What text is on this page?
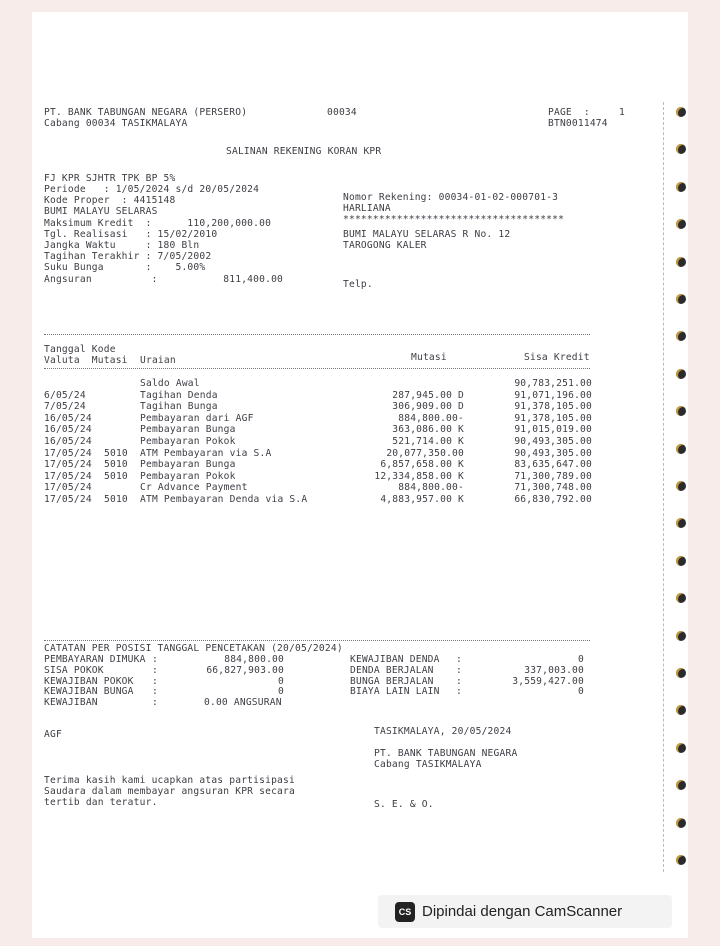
PT. BANK TABUNGAN NEGARA (PERSERO)
Cabang 00034 TASIKMALAYA
00034	PAGE  :	1
BTN0011474
SALINAN REKENING KORAN KPR
FJ KPR SJHTR TPK BP 5%
Periode   : 1/05/2024 s/d 20/05/2024
Kode Proper  : 4415148
BUMI MALAYU SELARAS
Maksimum Kredit  :      110,200,000.00
Tgl. Realisasi   : 15/02/2010
Jangka Waktu     : 180 Bln
Tagihan Terakhir : 7/05/2002
Suku Bunga       :    5.00%
Angsuran          :           811,400.00
Nomor Rekening: 00034-01-02-000701-3
HARLIANA
*************************************
BUMI MALAYU SELARAS R No. 12
TAROGONG KALER
Telp.
Tanggal Kode
Valuta  Mutasi Uraian	Mutasi	Sisa Kredit
Saldo Awal	90,783,251.00
6/05/24	Tagihan Denda	287,945.00 D	91,071,196.00
7/05/24	Tagihan Bunga	306,909.00 D	91,378,105.00
16/05/24	Pembayaran dari AGF	884,800.00-	91,378,105.00
16/05/24	Pembayaran Bunga	363,086.00 K	91,015,019.00
16/05/24	Pembayaran Pokok	521,714.00 K	90,493,305.00
17/05/24 5010 ATM Pembayaran via S.A	20,077,350.00	90,493,305.00
17/05/24 5010 Pembayaran Bunga	6,857,658.00 K	83,635,647.00
17/05/24 5010 Pembayaran Pokok	12,334,858.00 K	71,300,789.00
17/05/24	Cr Advance Payment	884,800.00-	71,300,748.00
17/05/24 5010 ATM Pembayaran Denda via S.A	4,883,957.00 K	66,830,792.00
CATATAN PER POSISI TANGGAL PENCETAKAN (20/05/2024)
PEMBAYARAN DIMUKA :	884,800.00
SISA POKOK	:	66,827,903.00
KEWAJIBAN POKOK :	0
KEWAJIBAN BUNGA :	0
KEWAJIBAN	:	0.00 ANGSURAN
KEWAJIBAN DENDA :	0
DENDA BERJALAN :	337,003.00
BUNGA BERJALAN :	3,559,427.00
BIAYA LAIN LAIN :	0
AGF	TASIKMALAYA, 20/05/2024
PT. BANK TABUNGAN NEGARA
Cabang TASIKMALAYA
Terima kasih kami ucapkan atas partisipasi
Saudara dalam membayar angsuran KPR secara
tertib dan teratur.	S. E. & O.
CS Dipindai dengan CamScanner
